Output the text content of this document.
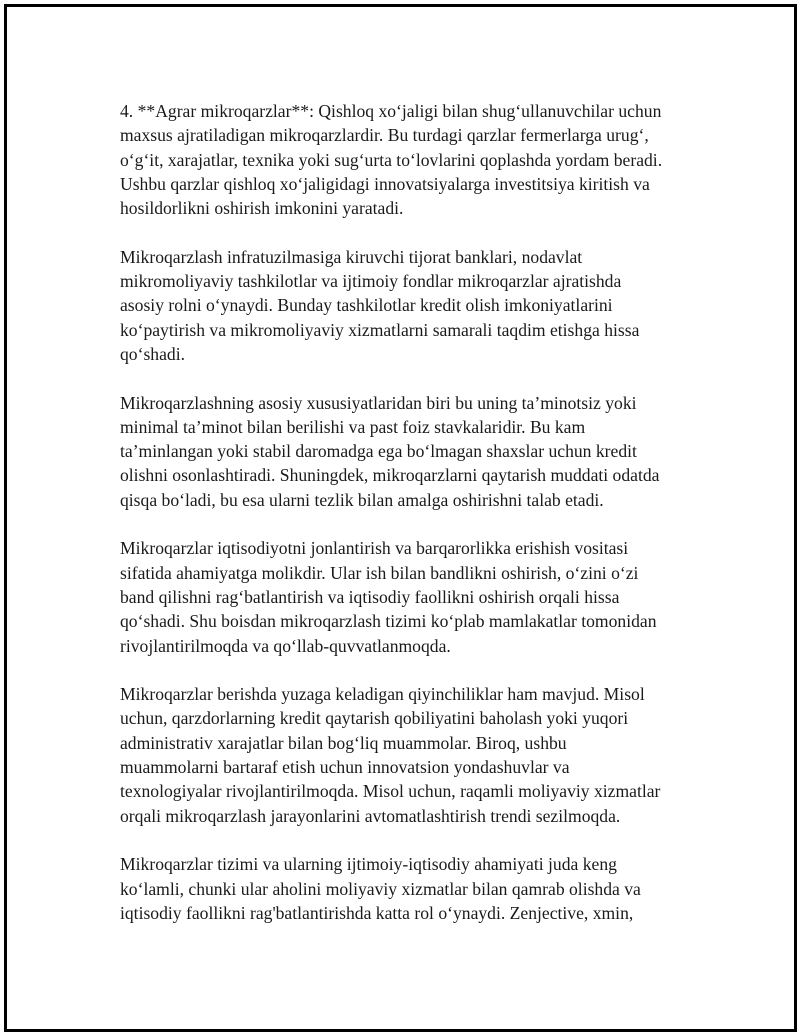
4. **Agrar mikroqarzlar**: Qishloq xoʻjaligi bilan shugʻullanuvchilar uchun
maxsus ajratiladigan mikroqarzlardir. Bu turdagi qarzlar fermerlarga urugʻ,
oʻgʻit, xarajatlar, texnika yoki sugʻurta toʻlovlarini qoplashda yordam beradi.
Ushbu qarzlar qishloq xoʻjaligidagi innovatsiyalarga investitsiya kiritish va
hosildorlikni oshirish imkonini yaratadi.

Mikroqarzlash infratuzilmasiga kiruvchi tijorat banklari, nodavlat
mikromoliyaviy tashkilotlar va ijtimoiy fondlar mikroqarzlar ajratishda
asosiy rolni oʻynaydi. Bunday tashkilotlar kredit olish imkoniyatlarini
koʻpaytirish va mikromoliyaviy xizmatlarni samarali taqdim etishga hissa
qoʻshadi.

Mikroqarzlashning asosiy xususiyatlaridan biri bu uning taʼminotsiz yoki
minimal taʼminot bilan berilishi va past foiz stavkalaridir. Bu kam
taʼminlangan yoki stabil daromadga ega boʻlmagan shaxslar uchun kredit
olishni osonlashtiradi. Shuningdek, mikroqarzlarni qaytarish muddati odatda
qisqa boʻladi, bu esa ularni tezlik bilan amalga oshirishni talab etadi.

Mikroqarzlar iqtisodiyotni jonlantirish va barqarorlikka erishish vositasi
sifatida ahamiyatga molikdir. Ular ish bilan bandlikni oshirish, oʻzini oʻzi
band qilishni ragʻbatlantirish va iqtisodiy faollikni oshirish orqali hissa
qoʻshadi. Shu boisdan mikroqarzlash tizimi koʻplab mamlakatlar tomonidan
rivojlantirilmoqda va qoʻllab-quvvatlanmoqda.

Mikroqarzlar berishda yuzaga keladigan qiyinchiliklar ham mavjud. Misol
uchun, qarzdorlarning kredit qaytarish qobiliyatini baholash yoki yuqori
administrativ xarajatlar bilan bogʻliq muammolar. Biroq, ushbu
muammolarni bartaraf etish uchun innovatsion yondashuvlar va
texnologiyalar rivojlantirilmoqda. Misol uchun, raqamli moliyaviy xizmatlar
orqali mikroqarzlash jarayonlarini avtomatlashtirish trendi sezilmoqda.

Mikroqarzlar tizimi va ularning ijtimoiy-iqtisodiy ahamiyati juda keng
koʻlamli, chunki ular aholini moliyaviy xizmatlar bilan qamrab olishda va
iqtisodiy faollikni rag'batlantirishda katta rol oʻynaydi. Zenjective, xmin,
